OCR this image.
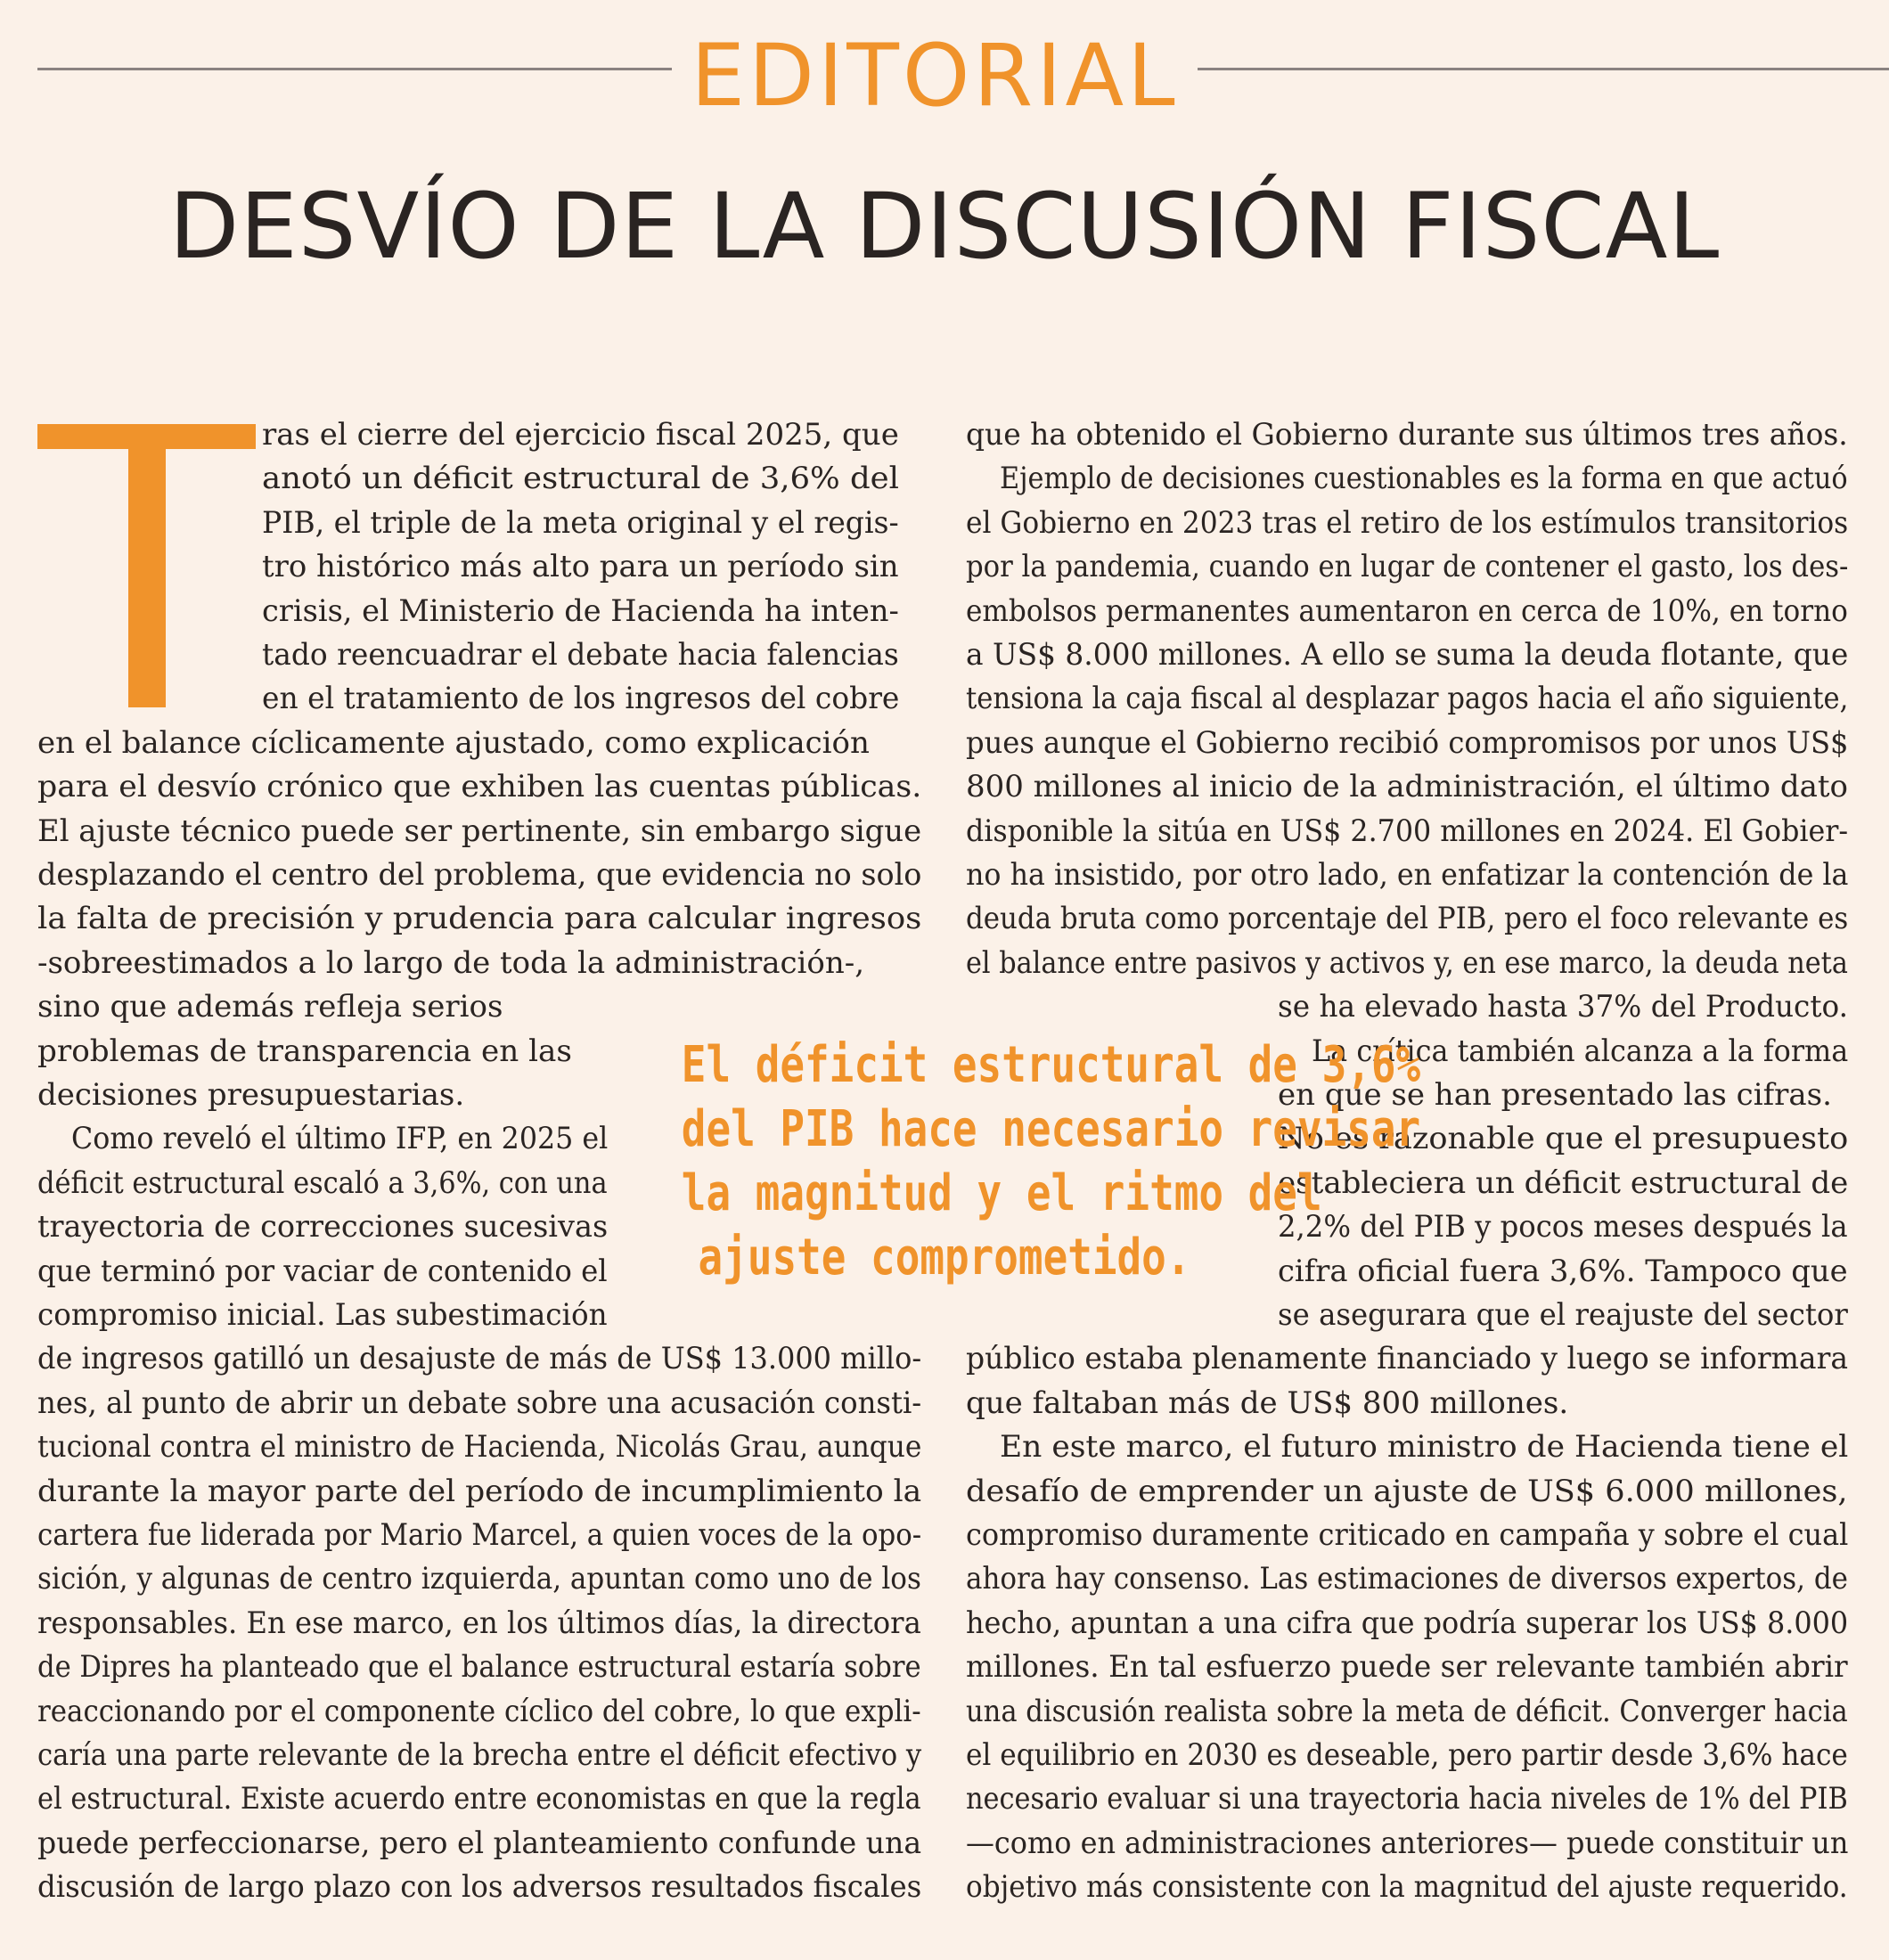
EDITORIAL
DESVÍO DE LA DISCUSIÓN FISCAL
ras el cierre del ejercicio fiscal 2025, que
anotó un déficit estructural de 3,6% del
PIB, el triple de la meta original y el regis-
tro histórico más alto para un período sin
crisis, el Ministerio de Hacienda ha inten-
tado reencuadrar el debate hacia falencias
en el tratamiento de los ingresos del cobre
en el balance cíclicamente ajustado, como explicación
para el desvío crónico que exhiben las cuentas públicas.
El ajuste técnico puede ser pertinente, sin embargo sigue
desplazando el centro del problema, que evidencia no solo
la falta de precisión y prudencia para calcular ingresos
-sobreestimados a lo largo de toda la administración-,
sino que además refleja serios
problemas de transparencia en las
decisiones presupuestarias.
Como reveló el último IFP, en 2025 el
déficit estructural escaló a 3,6%, con una
trayectoria de correcciones sucesivas
que terminó por vaciar de contenido el
compromiso inicial. Las subestimación
de ingresos gatilló un desajuste de más de US$ 13.000 millo-
nes, al punto de abrir un debate sobre una acusación consti-
tucional contra el ministro de Hacienda, Nicolás Grau, aunque
durante la mayor parte del período de incumplimiento la
cartera fue liderada por Mario Marcel, a quien voces de la opo-
sición, y algunas de centro izquierda, apuntan como uno de los
responsables. En ese marco, en los últimos días, la directora
de Dipres ha planteado que el balance estructural estaría sobre
reaccionando por el componente cíclico del cobre, lo que expli-
caría una parte relevante de la brecha entre el déficit efectivo y
el estructural. Existe acuerdo entre economistas en que la regla
puede perfeccionarse, pero el planteamiento confunde una
discusión de largo plazo con los adversos resultados fiscales
que ha obtenido el Gobierno durante sus últimos tres años.
Ejemplo de decisiones cuestionables es la forma en que actuó
el Gobierno en 2023 tras el retiro de los estímulos transitorios
por la pandemia, cuando en lugar de contener el gasto, los des-
embolsos permanentes aumentaron en cerca de 10%, en torno
a US$ 8.000 millones. A ello se suma la deuda flotante, que
tensiona la caja fiscal al desplazar pagos hacia el año siguiente,
pues aunque el Gobierno recibió compromisos por unos US$
800 millones al inicio de la administración, el último dato
disponible la sitúa en US$ 2.700 millones en 2024. El Gobier-
no ha insistido, por otro lado, en enfatizar la contención de la
deuda bruta como porcentaje del PIB, pero el foco relevante es
el balance entre pasivos y activos y, en ese marco, la deuda neta
se ha elevado hasta 37% del Producto.
La crítica también alcanza a la forma
en que se han presentado las cifras.
No es razonable que el presupuesto
estableciera un déficit estructural de
2,2% del PIB y pocos meses después la
cifra oficial fuera 3,6%. Tampoco que
se asegurara que el reajuste del sector
público estaba plenamente financiado y luego se informara
que faltaban más de US$ 800 millones.
En este marco, el futuro ministro de Hacienda tiene el
desafío de emprender un ajuste de US$ 6.000 millones,
compromiso duramente criticado en campaña y sobre el cual
ahora hay consenso. Las estimaciones de diversos expertos, de
hecho, apuntan a una cifra que podría superar los US$ 8.000
millones. En tal esfuerzo puede ser relevante también abrir
una discusión realista sobre la meta de déficit. Converger hacia
el equilibrio en 2030 es deseable, pero partir desde 3,6% hace
necesario evaluar si una trayectoria hacia niveles de 1% del PIB
—como en administraciones anteriores— puede constituir un
objetivo más consistente con la magnitud del ajuste requerido.
El déficit estructural de 3,6%
del PIB hace necesario revisar
la magnitud y el ritmo del
ajuste comprometido.
